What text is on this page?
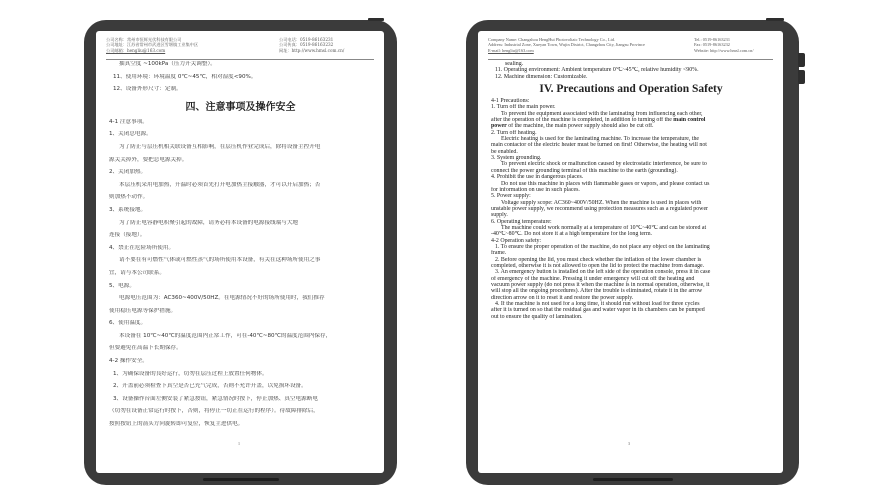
公司名称：常州市恒辉光伏科技有限公司
公司地址：江苏省常州市武进区雪堰镇工业集中区
公司邮箱：hengliu@163.com
公司电话：0519-86163231
公司传真：0519-86163232
网址：http://www.hmsl.com.cn/
抽真空度 ~100kPa（压力开关调整）。
11、使用环境：环境温度 0℃~45℃，相对湿度<90%。
12、设备外形尺寸：定制。
四、注意事项及操作安全
4-1 注意事项。
1、关闭总电源。
为了防止与层压机相关联设备互相影响，在层压机作业完成后，除将设备主控开电
源关关掉外，要把总电源关掉。
2、关闭加热。
本层压机采用电加热，升温时必须首先打开电加热主接触器，才可以开启加热；否
则加热不动作。
3、系统接地。
为了防止电容静电积聚引起的故障，请务必将本设备的电源接线端与大地
连接（接地）。
4、禁止在危险场所使用。
请不要在有可燃性气体或可燃性蒸气的场所使用本设备，有关在这种场所使用之事
宜，请与本公司联系。
5、电源。
电源电压范围为：AC360~400V/50HZ。在电源情况不好的场所使用时，我们推荐
使用稳压电源等保护措施。
6、使用温度。
本设备在 10℃~40℃的温度范围内正常工作，可在-40℃~80℃的温度范围内保存，
但要避免在高温下长期保存。
4-2 操作安全。
1、为确保设备的良好运行，切勿在层压过程上放置任何物体。
2、开盖前必须检查下真空是否已充气完成，否则不允许开盖，以免损坏设备。
3、设备操作台面左侧安装了紧急按钮，紧急情况时按下，停止加热、真空电源断电
（切勿在设备正常运行时按下，否则，将停止一切正在运行的程序）。待故障排除后，
按照按钮上的箭头方向旋转即可复位，恢复主进供电。
1
Company Name: Changzhou HengHui Photovoltaic Technology Co., Ltd.
Address: Industrial Zone, Xueyan Town, Wujin District, Changzhou City, Jiangsu Province
E-mail: hengliu@163.com
Tel.: 0519-86163231
Fax: 0519-86163232
Website: http://www.hmsl.com.cn/
sealing.
11. Operating environment: Ambient temperature 0℃~45℃, relative humidity <90%.
12. Machine dimension: Customizable.
IV. Precautions and Operation Safety
4-1 Precautions:
1. Turn off the main power.
To prevent the equipment associated with the laminating from influencing each other,
after the operation of the machine is completed, in addition to turning off the main control
power of the machine, the main power supply should also be cut off.
2. Turn off heating.
Electric heating is used for the laminating machine. To increase the temperature, the
main contactor of the electric heater must be turned on first! Otherwise, the heating will not
be enabled.
3. System grounding.
To prevent electric shock or malfunction caused by electrostatic interference, be sure to
connect the power grounding terminal of this machine to the earth (grounding).
4. Prohibit the use in dangerous places.
Do not use this machine in places with flammable gases or vapors, and please contact us
for information on use in such places.
5. Power supply:
Voltage supply scope: AC360~400V/50HZ. When the machine is used in places with
unstable power supply, we recommend using protection measures such as a regulated power
supply.
6. Operating temperature:
The machine could work normally at a temperature of 10℃~40℃ and can be stored at
-40℃~80℃. Do not store it at a high temperature for the long term.
4-2 Operation safety:
1. To ensure the proper operation of the machine, do not place any object on the laminating
frame.
2. Before opening the lid, you must check whether the inflation of the lower chamber is
completed, otherwise it is not allowed to open the lid to protect the machine from damage.
3. An emergency button is installed on the left side of the operation console, press it in case
of emergency of the machine. Pressing it under emergency will cut off the heating and
vacuum power supply (do not press it when the machine is in normal operation, otherwise, it
will stop all the ongoing procedures). After the trouble is eliminated, rotate it in the arrow
direction arrow on it to reset it and restore the power supply.
4. If the machine is not used for a long time, it should run without load for three cycles
after it is turned on so that the residual gas and water vapor in its chambers can be pumped
out to ensure the quality of lamination.
3
